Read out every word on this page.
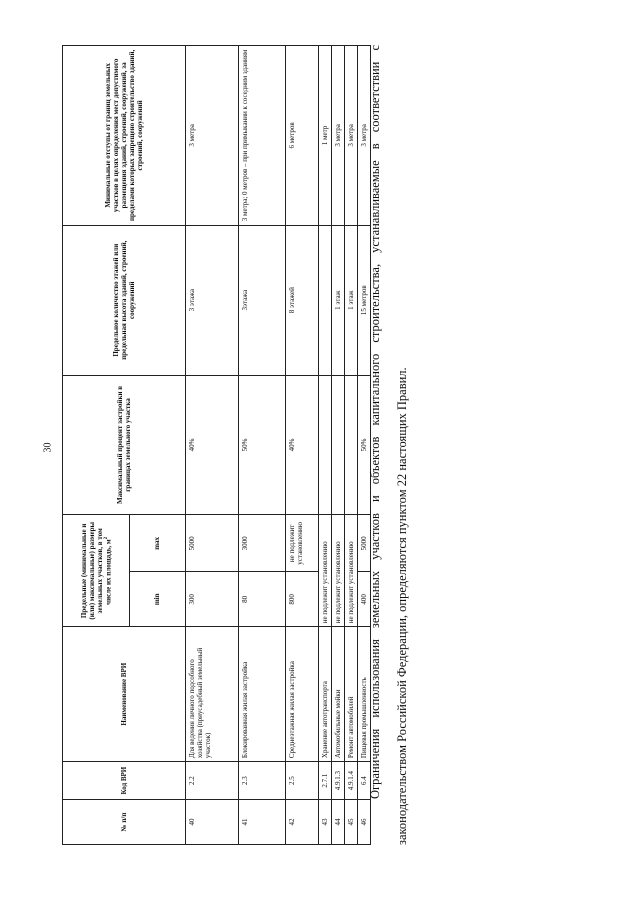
30
№ п/п	Код ВРИ	Наименование ВРИ	Предельные (минимальные и (или) максимальные) размеры земельных участков, в том числе их площадь, $м^2$		Максимальный процент застройки в границах земельного участка	Предельное количество этажей или предельная высота зданий, строений, сооружений	Минимальные отступы от границ земельных участков в целях определения мест допустимого размещения зданий, строений, сооружений, за пределами которых запрещено строительство зданий, строений, сооружений
			min	max			
40	2.2	Для ведения личного подсобного хозяйства (приусадебный земельный участок)	300	5000	40%	3 этажа	3 метра
41	2.3	Блокированная жилая застройка	80	3000	50%	3этажа	3 метра; 0 метров – при примыкании к соседним зданиям
42	2.5	Среднеэтажная жилая застройка	800	не подлежит установлению	40%	8 этажей	6 метров
43	2.7.1	Хранение автотранспорта	не подлежит установлению				1 метр
44	4.9.1.3	Автомобильные мойки	не подлежит установлению			1 этаж	3 метра
45	4.9.1.4	Ремонт автомобилей	не подлежит установлению			1 этаж	3 метра
46	6.4	Пищевая промышленность	400	5000	50%	15 метров	3 метра Ограничения использования земельных участков и объектов капитального строительства, устанавливаемые в соответствии с законодательством Российской Федерации, определяются пунктом 22 настоящих Правил.
